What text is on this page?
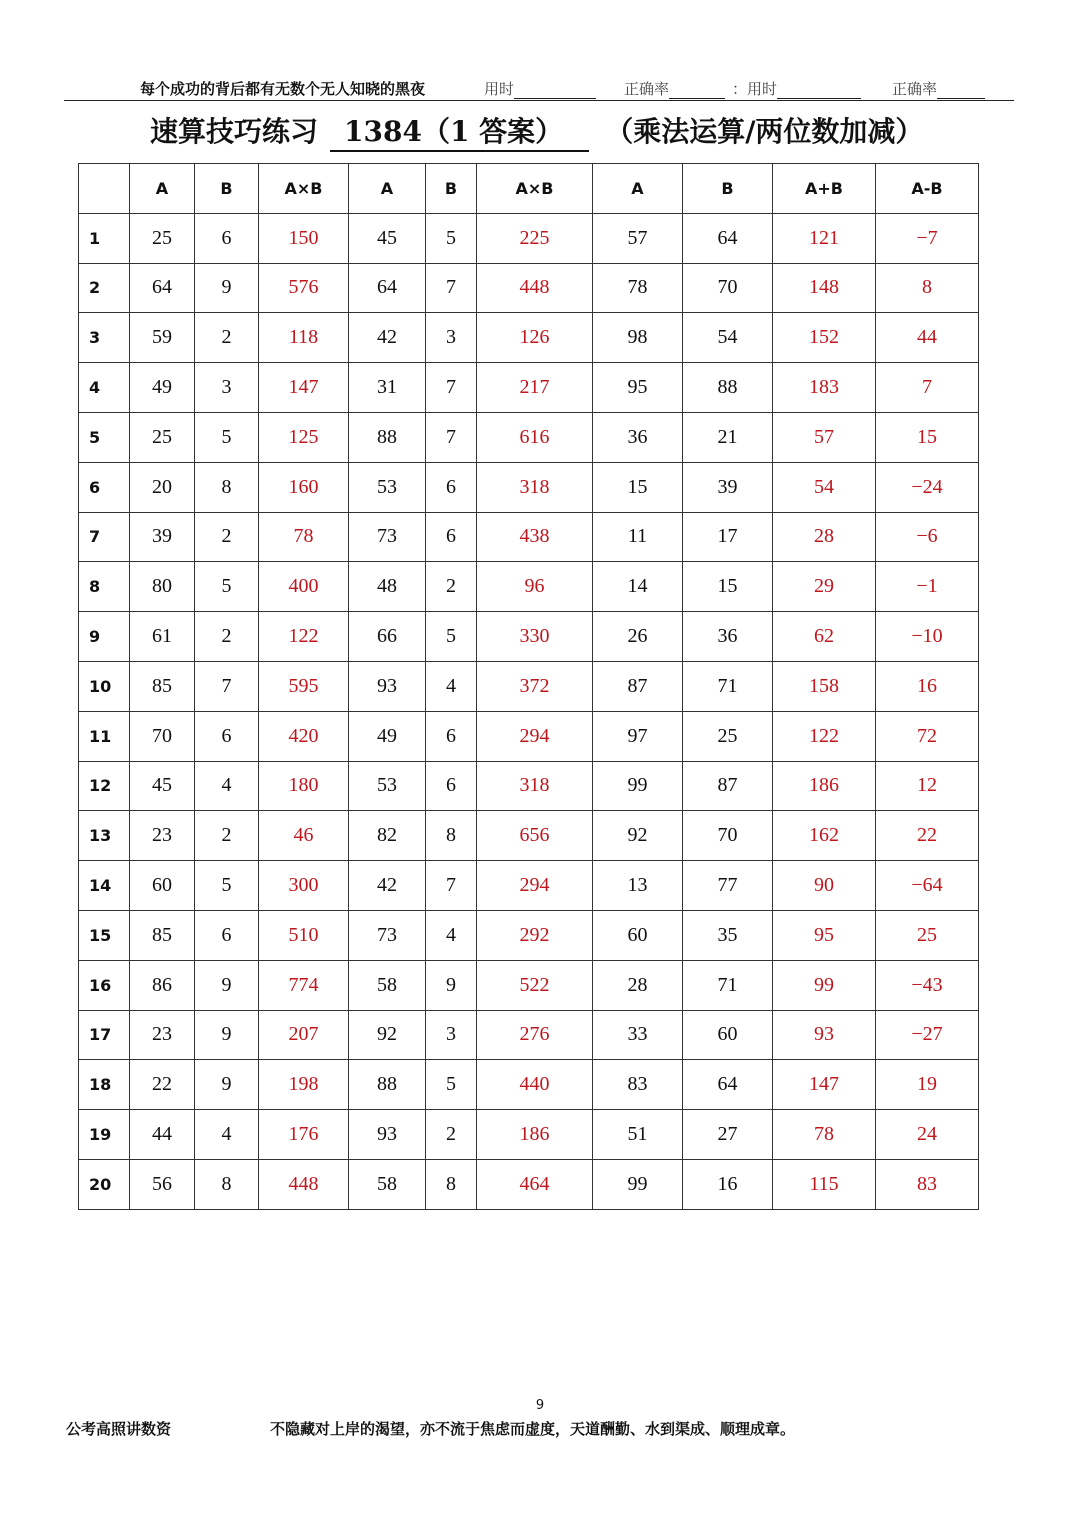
每个成功的背后都有无数个无人知晓的黑夜	用时	正确率	：用时	正确率
速算技巧练习 1384（1 答案） （乘法运算/两位数加减）
	A	B	A×B	A	B	A×B	A	B	A+B	A-B
1	25	6	150	45	5	225	57	64	121	−7
2	64	9	576	64	7	448	78	70	148	8
3	59	2	118	42	3	126	98	54	152	44
4	49	3	147	31	7	217	95	88	183	7
5	25	5	125	88	7	616	36	21	57	15
6	20	8	160	53	6	318	15	39	54	−24
7	39	2	78	73	6	438	11	17	28	−6
8	80	5	400	48	2	96	14	15	29	−1
9	61	2	122	66	5	330	26	36	62	−10
10	85	7	595	93	4	372	87	71	158	16
11	70	6	420	49	6	294	97	25	122	72
12	45	4	180	53	6	318	99	87	186	12
13	23	2	46	82	8	656	92	70	162	22
14	60	5	300	42	7	294	13	77	90	−64
15	85	6	510	73	4	292	60	35	95	25
16	86	9	774	58	9	522	28	71	99	−43
17	23	9	207	92	3	276	33	60	93	−27
18	22	9	198	88	5	440	83	64	147	19
19	44	4	176	93	2	186	51	27	78	24
20	56	8	448	58	8	464	99	16	115	83
9
公考高照讲数资	不隐藏对上岸的渴望，亦不流于焦虑而虚度，天道酬勤、水到渠成、顺理成章。
